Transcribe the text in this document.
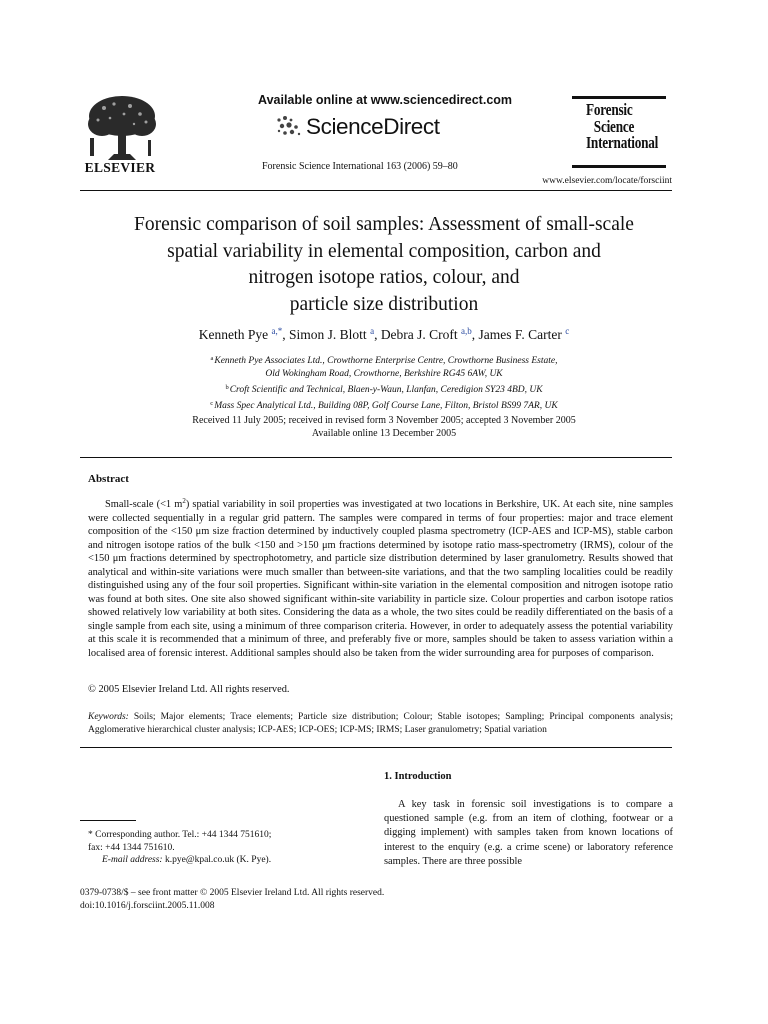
ELSEVIER
Available online at www.sciencedirect.com
ScienceDirect
Forensic Science International 163 (2006) 59–80
Forensic
Science
International
www.elsevier.com/locate/forsciint
Forensic comparison of soil samples: Assessment of small-scale
spatial variability in elemental composition, carbon and
nitrogen isotope ratios, colour, and
particle size distribution
Kenneth Pye $^{a,*}$, Simon J. Blott $^a$, Debra J. Croft $^{a,b}$, James F. Carter $^c$
$^a$Kenneth Pye Associates Ltd., Crowthorne Enterprise Centre, Crowthorne Business Estate,
Old Wokingham Road, Crowthorne, Berkshire RG45 6AW, UK
$^b$Croft Scientific and Technical, Blaen-y-Waun, Llanfan, Ceredigion SY23 4BD, UK
$^c$Mass Spec Analytical Ltd., Building 08P, Golf Course Lane, Filton, Bristol BS99 7AR, UK
Received 11 July 2005; received in revised form 3 November 2005; accepted 3 November 2005
Available online 13 December 2005
Abstract
Small-scale (<1 $m^2$) spatial variability in soil properties was investigated at two locations in Berkshire, UK. At each site, nine samples were collected sequentially in a regular grid pattern. The samples were compared in terms of four properties: major and trace element composition of the <150 μm size fraction determined by inductively coupled plasma spectrometry (ICP-AES and ICP-MS), stable carbon and nitrogen isotope ratios of the bulk <150 and >150 μm fractions determined by isotope ratio mass-spectrometry (IRMS), colour of the <150 μm fractions determined by spectrophotometry, and particle size distribution determined by laser granulometry. Results showed that analytical and within-site variations were much smaller than between-site variations, and that the two sampling localities could be readily distinguished using any of the four soil properties. Significant within-site variation in the elemental composition and nitrogen isotope ratio was found at both sites. One site also showed significant within-site variability in particle size. Colour properties and carbon isotope ratios showed relatively low variability at both sites. Considering the data as a whole, the two sites could be readily differentiated on the basis of a single sample from each site, using a minimum of three comparison criteria. However, in order to adequately assess the potential variability at this scale it is recommended that a minimum of three, and preferably five or more, samples should be taken to assess variation within a localised area of forensic interest. Additional samples should also be taken from the wider surrounding area for purposes of comparison.
© 2005 Elsevier Ireland Ltd. All rights reserved.
Keywords: Soils; Major elements; Trace elements; Particle size distribution; Colour; Stable isotopes; Sampling; Principal components analysis; Agglomerative hierarchical cluster analysis; ICP-AES; ICP-OES; ICP-MS; IRMS; Laser granulometry; Spatial variation
1. Introduction
A key task in forensic soil investigations is to compare a questioned sample (e.g. from an item of clothing, footwear or a digging implement) with samples taken from known locations of interest to the enquiry (e.g. a crime scene) or laboratory reference samples. There are three possible
* Corresponding author. Tel.: +44 1344 751610;
fax: +44 1344 751610.
E-mail address: k.pye@kpal.co.uk (K. Pye).
0379-0738/$ – see front matter © 2005 Elsevier Ireland Ltd. All rights reserved.
doi:10.1016/j.forsciint.2005.11.008
